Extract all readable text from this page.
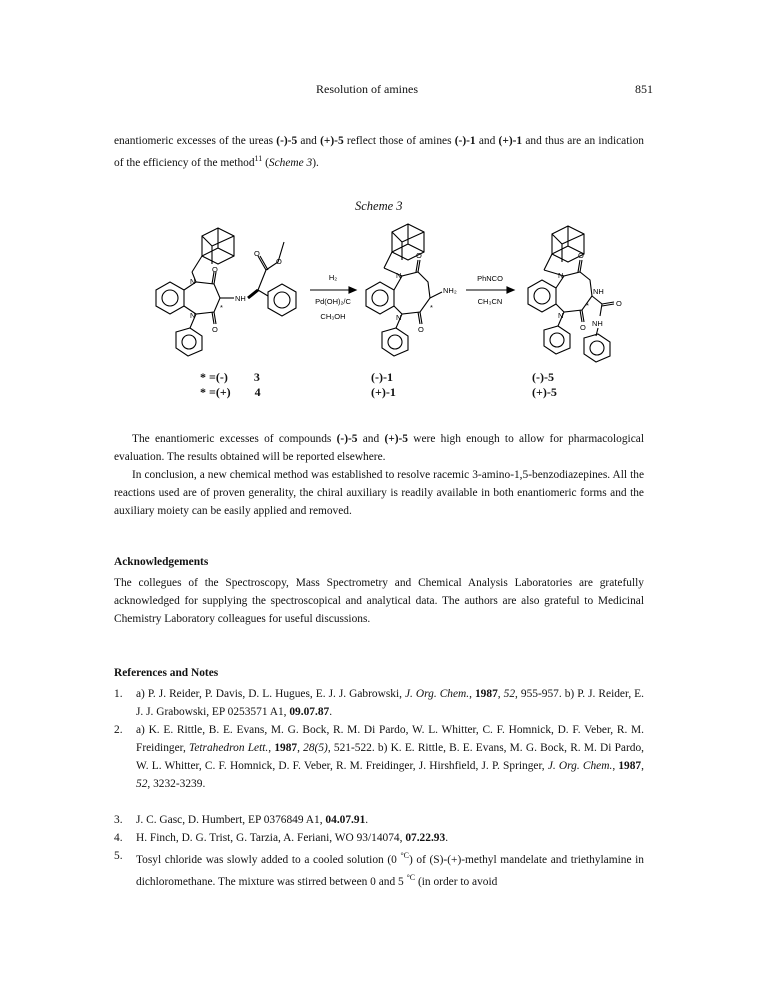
Resolution of amines	851

enantiomeric excesses of the ureas (-)-5 and (+)-5 reflect those of amines (-)-1 and (+)-1 and thus are an indication of the efficiency of the method$^{11}$ (Scheme 3).

Scheme 3
O
N
N
O
NH
*
O
O
O
N
N
O
NH₂
*
O
N
N
O
NH
*	O
NH
H₂
Pd(OH)₂/C
CH₃OH
PhNCO
CH₃CN
* =(-) 3
* =(+) 4
(-)-1
(+)-1
(-)-5
(+)-5

The enantiomeric excesses of compounds (-)-5 and (+)-5 were high enough to allow for pharmacological evaluation. The results obtained will be reported elsewhere.

In conclusion, a new chemical method was established to resolve racemic 3-amino-1,5-benzodiazepines. All the reactions used are of proven generality, the chiral auxiliary is readily available in both enantiomeric forms and the auxiliary moiety can be easily applied and removed.

Acknowledgements

The collegues of the Spectroscopy, Mass Spectrometry and Chemical Analysis Laboratories are gratefully acknowledged for supplying the spectroscopical and analytical data. The authors are also grateful to Medicinal Chemistry Laboratory colleagues for useful discussions.

References and Notes
1. a) P. J. Reider, P. Davis, D. L. Hugues, E. J. J. Gabrowski, J. Org. Chem., 1987, 52, 955-957. b) P. J. Reider, E. J. J. Grabowski, EP 0253571 A1, 09.07.87.
2. a) K. E. Rittle, B. E. Evans, M. G. Bock, R. M. Di Pardo, W. L. Whitter, C. F. Homnick, D. F. Veber, R. M. Freidinger, Tetrahedron Lett., 1987, 28(5), 521-522. b) K. E. Rittle, B. E. Evans, M. G. Bock, R. M. Di Pardo, W. L. Whitter, C. F. Homnick, D. F. Veber, R. M. Freidinger, J. Hirshfield, J. P. Springer, J. Org. Chem., 1987, 52, 3232-3239.
3. J. C. Gasc, D. Humbert, EP 0376849 A1, 04.07.91.
4. H. Finch, D. G. Trist, G. Tarzia, A. Feriani, WO 93/14074, 07.22.93.
5. Tosyl chloride was slowly added to a cooled solution (0 $^{^\circ C}$) of (S)-(+)-methyl mandelate and triethylamine in dichloromethane. The mixture was stirred between 0 and 5 $^{^\circ C}$ (in order to avoid
